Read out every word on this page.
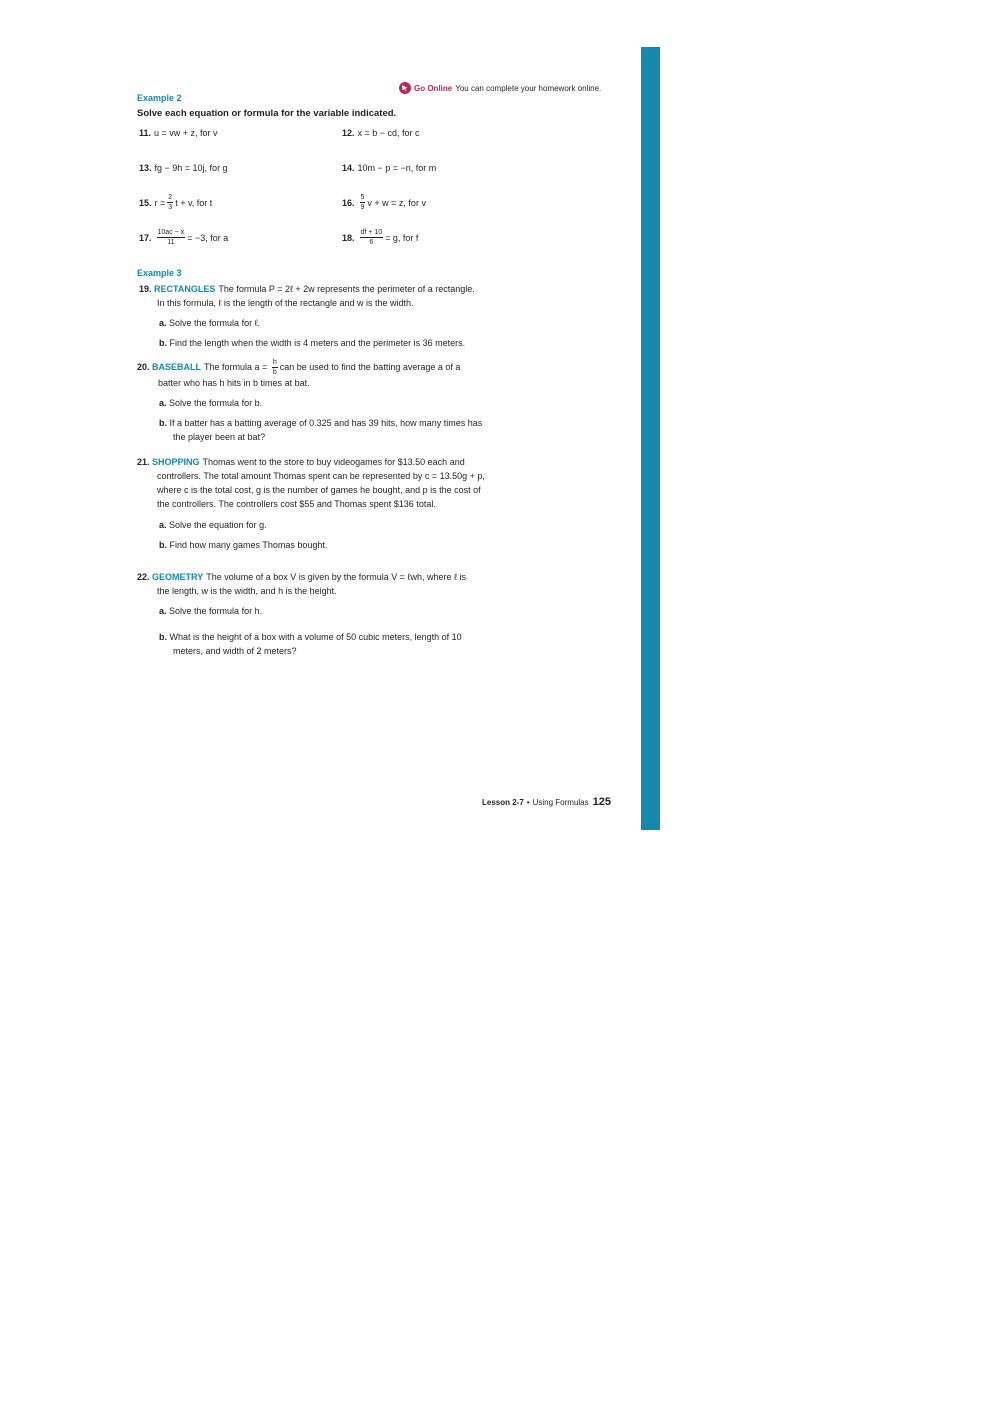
Go Online You can complete your homework online.
Example 2
Solve each equation or formula for the variable indicated.
11. u = vw + z, for v	12. x = b − cd, for c
13. fg − 9h = 10j, for g	14. 10m − p = −n, for m
15. $r = \frac{2}{3}$ t + v, for t	16. $\frac{5}{9}$ v + w = z, for v
17. $\frac{10ac - x}{11} = -3$, for a	18. $\frac{df + 10}{6} = g$, for f
Example 3
19. RECTANGLES The formula P = 2ℓ + 2w represents the perimeter of a rectangle.
In this formula, ℓ is the length of the rectangle and w is the width.
a. Solve the formula for ℓ.
b. Find the length when the width is 4 meters and the perimeter is 36 meters.
20. BASEBALL The formula $a = \frac{h}{b}$ can be used to find the batting average a of a
batter who has h hits in b times at bat.
a. Solve the formula for b.
b. If a batter has a batting average of 0.325 and has 39 hits, how many times has
the player been at bat?
21. SHOPPING Thomas went to the store to buy videogames for $13.50 each and
controllers. The total amount Thomas spent can be represented by c = 13.50g + p,
where c is the total cost, g is the number of games he bought, and p is the cost of
the controllers. The controllers cost $55 and Thomas spent $136 total.
a. Solve the equation for g.
b. Find how many games Thomas bought.
22. GEOMETRY The volume of a box V is given by the formula V = ℓwh, where ℓ is
the length, w is the width, and h is the height.
a. Solve the formula for h.
b. What is the height of a box with a volume of 50 cubic meters, length of 10
meters, and width of 2 meters?
Lesson 2-7 • Using Formulas 125
